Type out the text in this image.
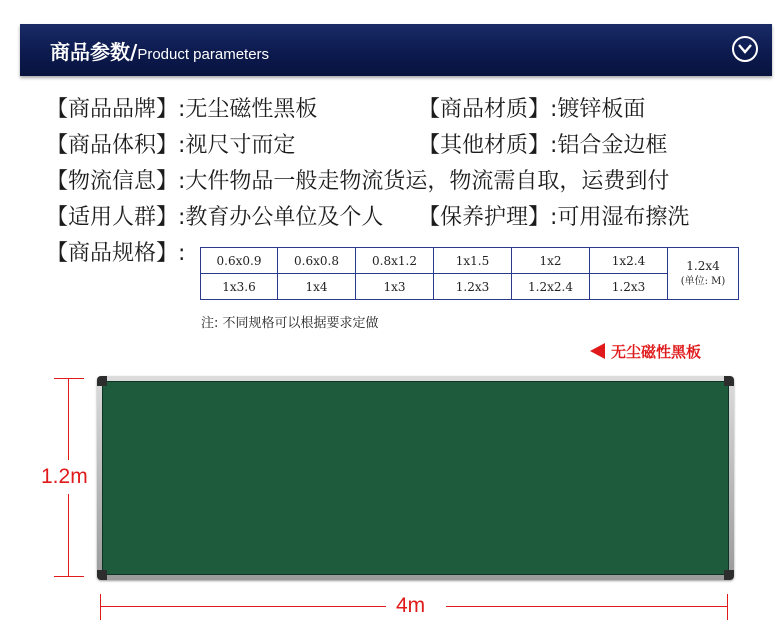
商品参数/Product parameters
【商品品牌】:无尘磁性黑板	【商品材质】:镀锌板面
【商品体积】:视尺寸而定	【其他材质】:铝合金边框
【物流信息】:大件物品一般走物流货运，物流需自取，运费到付
【适用人群】:教育办公单位及个人 【保养护理】:可用湿布擦洗
【商品规格】:	0.6x0.9	0.6x0.8	0.8x1.2	1x1.5	1x2	1x2.4	1.2x4
(单位: M)

1x3.6	1x4	1x3	1.2x3	1.2x2.4	1.2x3	
注: 不同规格可以根据要求定做
无尘磁性黑板
1.2m
4m
